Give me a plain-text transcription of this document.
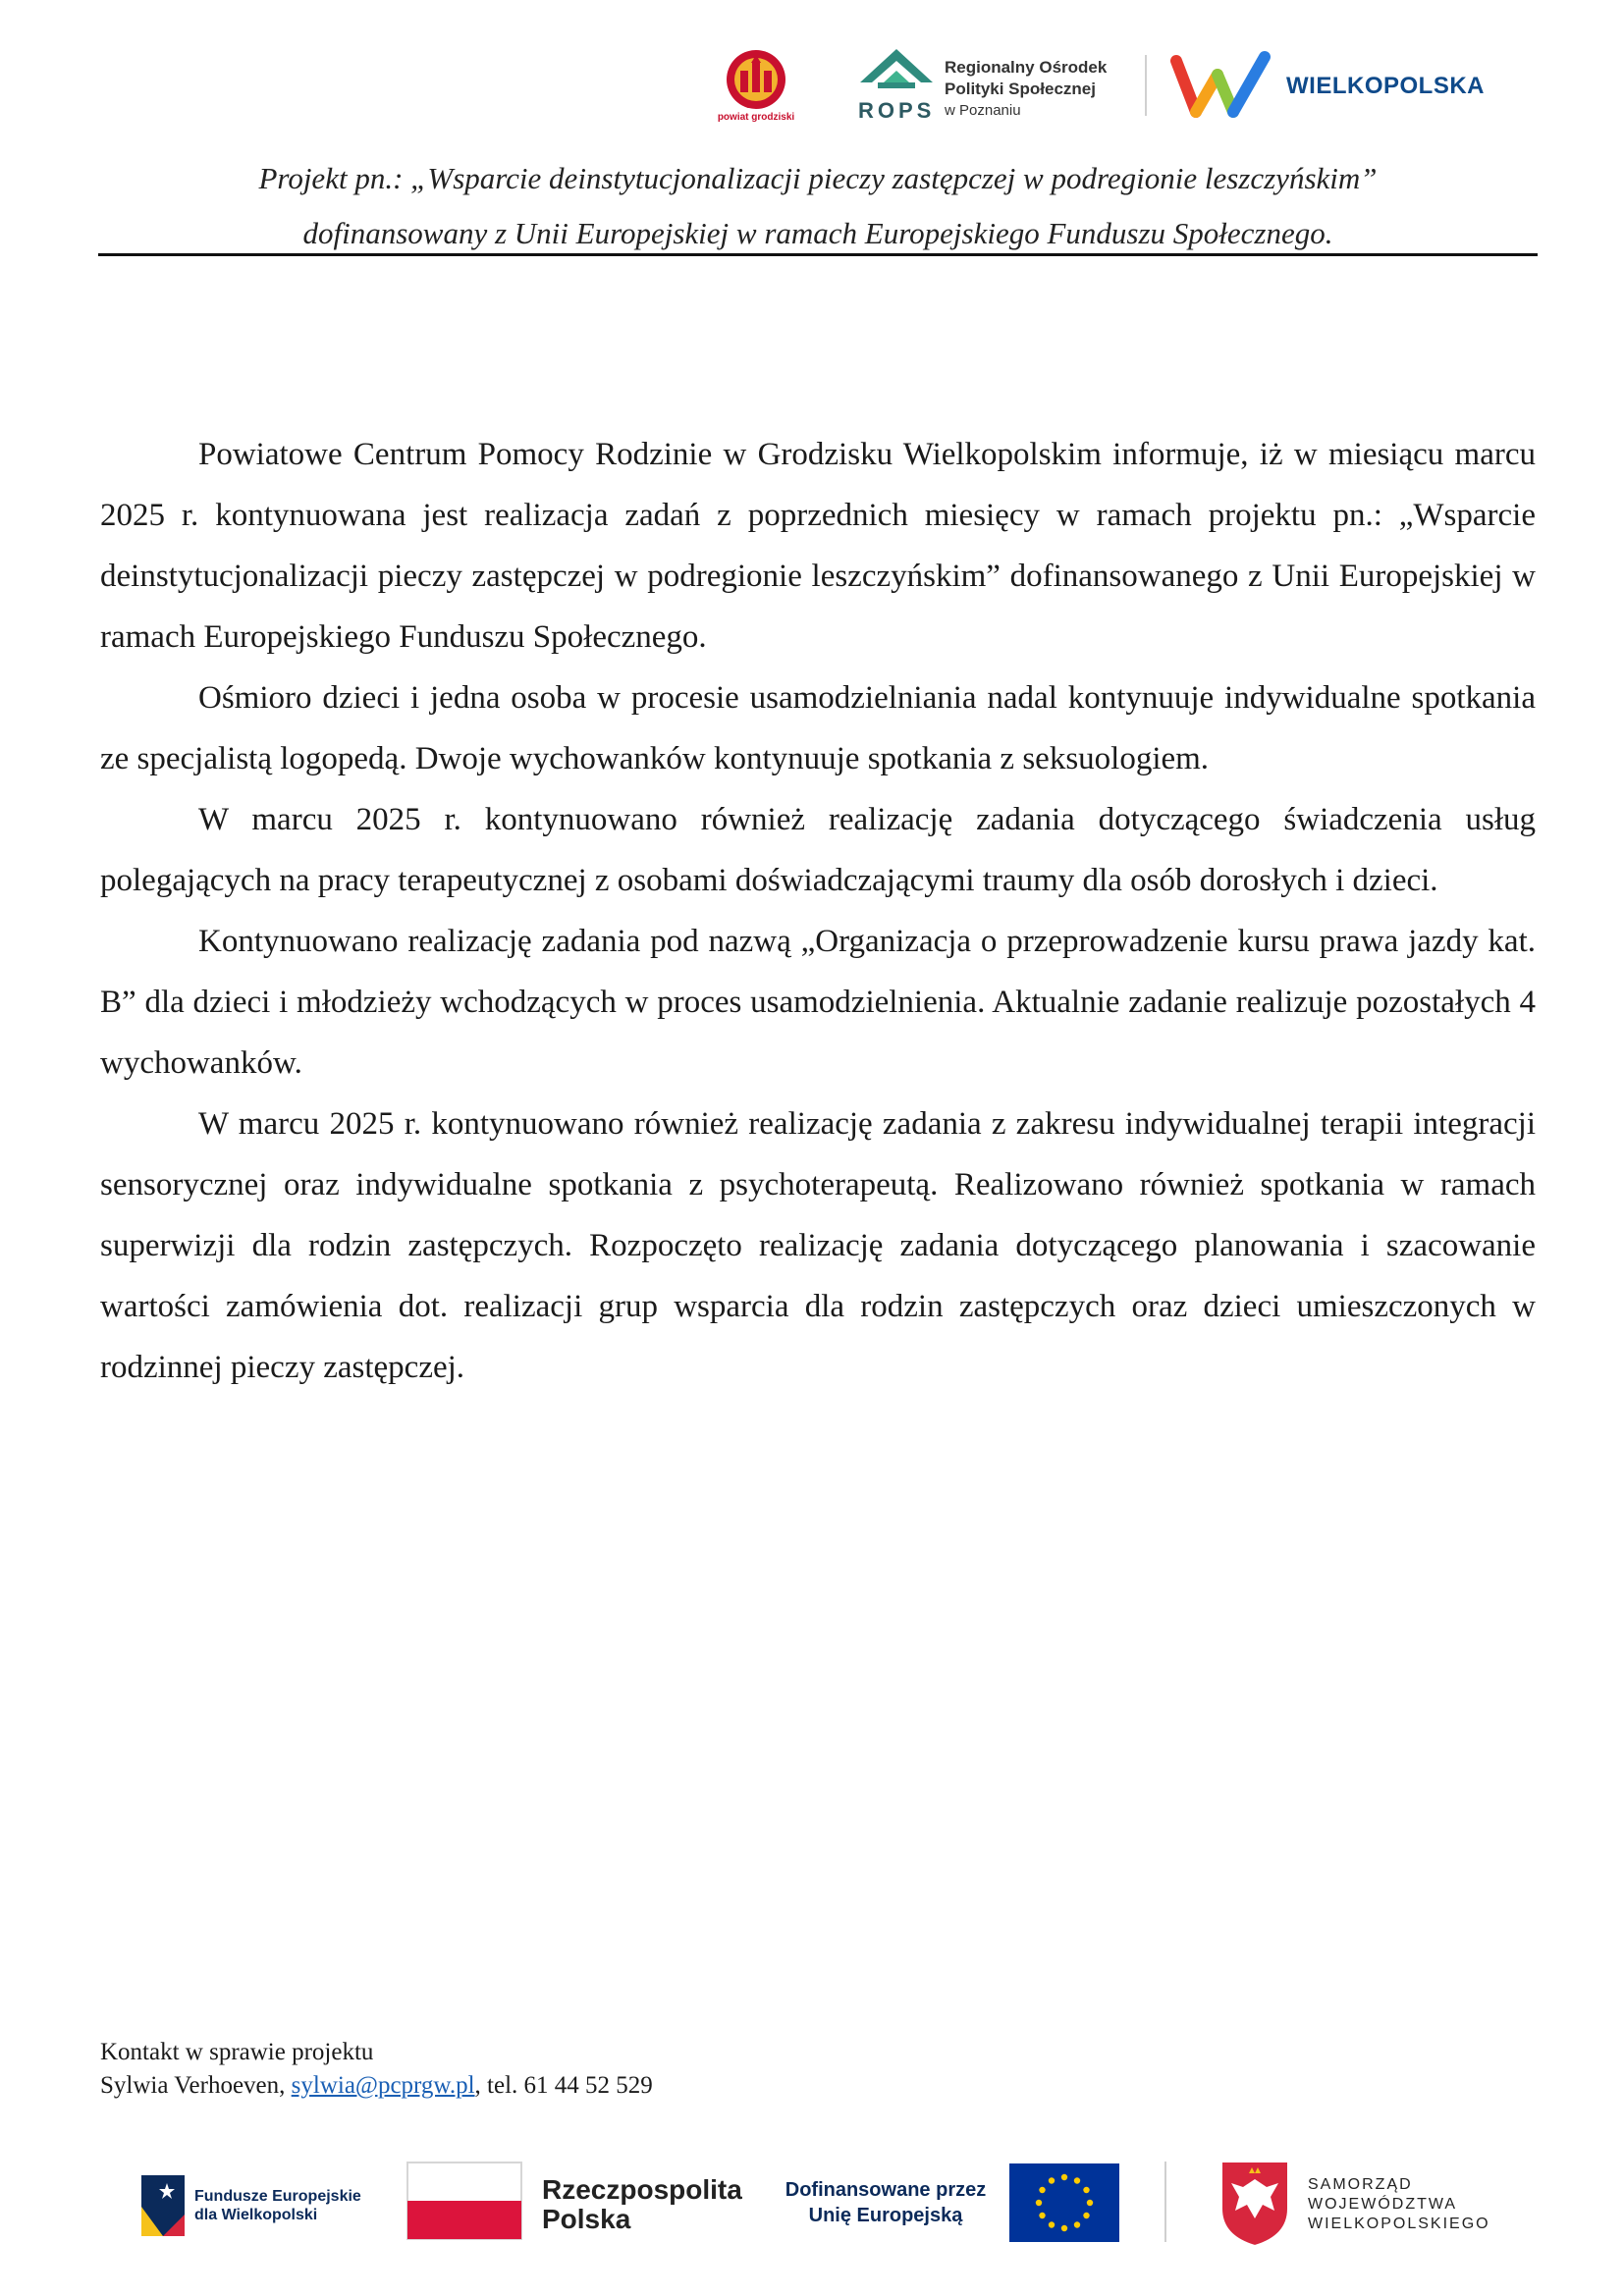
powiat grodziski	ROPS
Regionalny Ośrodek
Polityki Społecznej
w Poznaniu
WIELKOPOLSKA
Projekt pn.: „Wsparcie deinstytucjonalizacji pieczy zastępczej w podregionie leszczyńskim”
dofinansowany z Unii Europejskiej w ramach Europejskiego Funduszu Społecznego.

Powiatowe Centrum Pomocy Rodzinie w Grodzisku Wielkopolskim informuje, iż w miesiącu marcu 2025 r. kontynuowana jest realizacja zadań z poprzednich miesięcy w ramach projektu pn.: „Wsparcie deinstytucjonalizacji pieczy zastępczej w podregionie leszczyńskim” dofinansowanego z Unii Europejskiej w ramach Europejskiego Funduszu Społecznego.

Ośmioro dzieci i jedna osoba w procesie usamodzielniania nadal kontynuuje indywidualne spotkania ze specjalistą logopedą. Dwoje wychowanków kontynuuje spotkania z seksuologiem.

W marcu 2025 r. kontynuowano również realizację zadania dotyczącego świadczenia usług polegających na pracy terapeutycznej z osobami doświadczającymi traumy dla osób dorosłych i dzieci.

Kontynuowano realizację zadania pod nazwą „Organizacja o przeprowadzenie kursu prawa jazdy kat. B” dla dzieci i młodzieży wchodzących w proces usamodzielnienia. Aktualnie zadanie realizuje pozostałych 4 wychowanków.

W marcu 2025 r. kontynuowano również realizację zadania z zakresu indywidualnej terapii integracji sensorycznej oraz indywidualne spotkania z psychoterapeutą. Realizowano również spotkania w ramach superwizji dla rodzin zastępczych. Rozpoczęto realizację zadania dotyczącego planowania i szacowanie wartości zamówienia dot. realizacji grup wsparcia dla rodzin zastępczych oraz dzieci umieszczonych w rodzinnej pieczy zastępczej.

Kontakt w sprawie projektu
Sylwia Verhoeven, sylwia@pcprgw.pl, tel. 61 44 52 529
Fundusze Europejskie
dla Wielkopolski
Rzeczpospolita
Polska
Dofinansowane przez
Unię Europejską
SAMORZĄD
WOJEWÓDZTWA
WIELKOPOLSKIEGO
